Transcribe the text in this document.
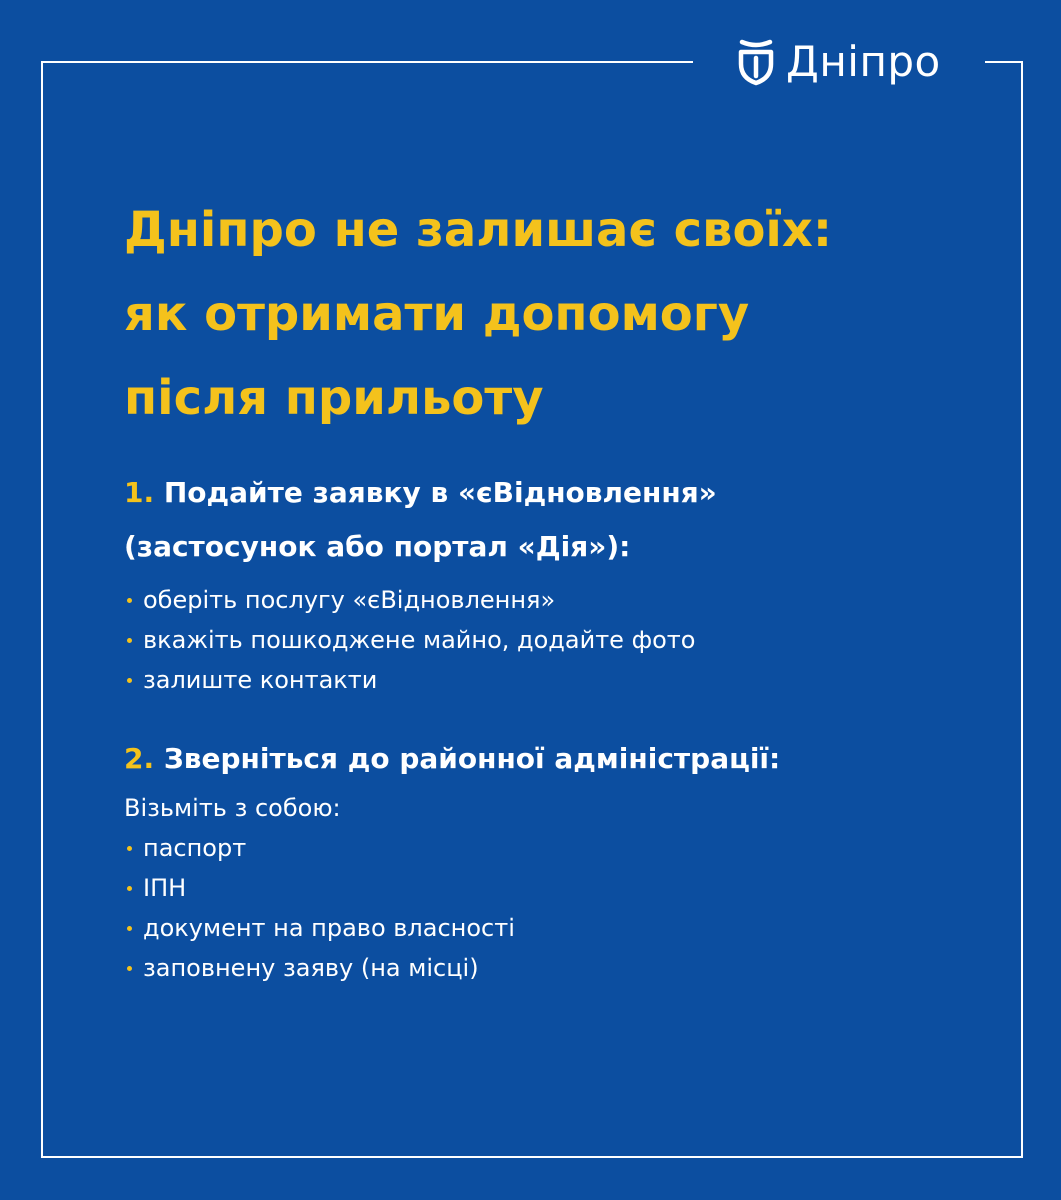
Дніпро
Дніпро не залишає своїх:
як отримати допомогу
після прильоту
1. Подайте заявку в «єВідновлення»
(застосунок або портал «Дія»):
оберіть послугу «єВідновлення»
вкажіть пошкоджене майно, додайте фото
залиште контакти
2. Зверніться до районної адміністрації:

Візьміть з собою:

паспорт
ІПН
документ на право власності
заповнену заяву (на місці)
